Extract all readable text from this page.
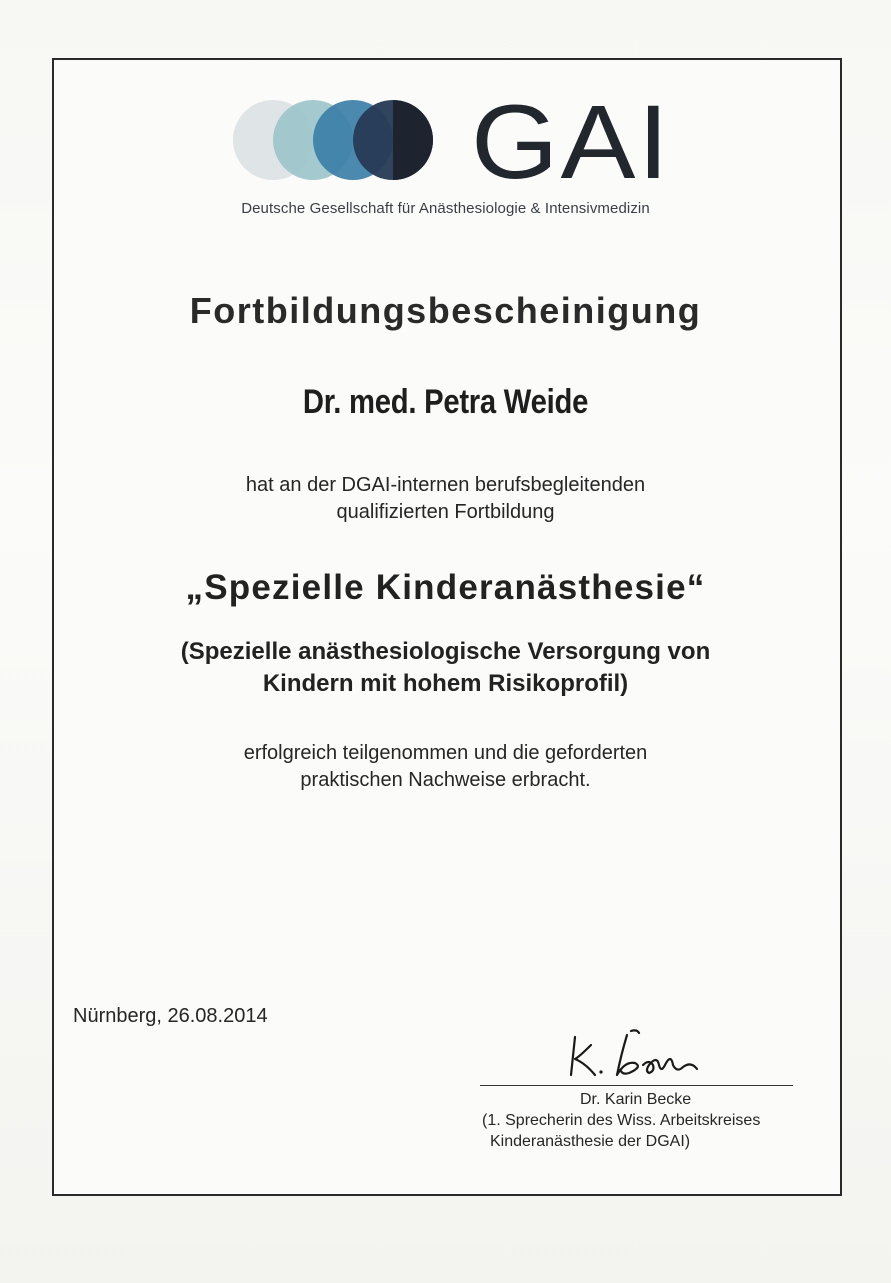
GAI
Deutsche Gesellschaft für Anästhesiologie & Intensivmedizin
Fortbildungsbescheinigung
Dr. med. Petra Weide
hat an der DGAI-internen berufsbegleitenden
qualifizierten Fortbildung
„Spezielle Kinderanästhesie“
(Spezielle anästhesiologische Versorgung von
Kindern mit hohem Risikoprofil)
erfolgreich teilgenommen und die geforderten
praktischen Nachweise erbracht.
Nürnberg, 26.08.2014
Dr. Karin Becke
(1. Sprecherin des Wiss. Arbeitskreises
Kinderanästhesie der DGAI)
